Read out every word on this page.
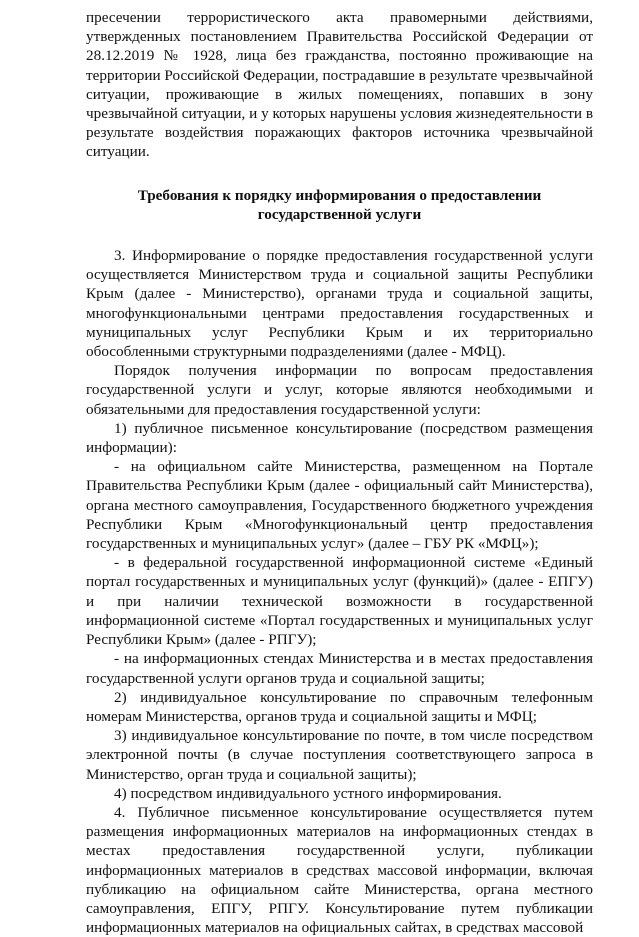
пресечении террористического акта правомерными действиями, утвержденных постановлением Правительства Российской Федерации от 28.12.2019 № 1928, лица без гражданства, постоянно проживающие на территории Российской Федерации, пострадавшие в результате чрезвычайной ситуации, проживающие в жилых помещениях, попавших в зону чрезвычайной ситуации, и у которых нарушены условия жизнедеятельности в результате воздействия поражающих факторов источника чрезвычайной ситуации.

Требования к порядку информирования о предоставлении
государственной услуги

3. Информирование о порядке предоставления государственной услуги осуществляется Министерством труда и социальной защиты Республики Крым (далее - Министерство), органами труда и социальной защиты, многофункциональными центрами предоставления государственных и муниципальных услуг Республики Крым и их территориально обособленными структурными подразделениями (далее - МФЦ).

Порядок получения информации по вопросам предоставления государственной услуги и услуг, которые являются необходимыми и обязательными для предоставления государственной услуги:

1) публичное письменное консультирование (посредством размещения информации):

- на официальном сайте Министерства, размещенном на Портале Правительства Республики Крым (далее - официальный сайт Министерства), органа местного самоуправления, Государственного бюджетного учреждения Республики Крым «Многофункциональный центр предоставления государственных и муниципальных услуг» (далее – ГБУ РК «МФЦ»);

- в федеральной государственной информационной системе «Единый портал государственных и муниципальных услуг (функций)» (далее - ЕПГУ) и при наличии технической возможности в государственной информационной системе «Портал государственных и муниципальных услуг Республики Крым» (далее - РПГУ);

- на информационных стендах Министерства и в местах предоставления государственной услуги органов труда и социальной защиты;

2) индивидуальное консультирование по справочным телефонным номерам Министерства, органов труда и социальной защиты и МФЦ;

3) индивидуальное консультирование по почте, в том числе посредством электронной почты (в случае поступления соответствующего запроса в Министерство, орган труда и социальной защиты);

4) посредством индивидуального устного информирования.

4. Публичное письменное консультирование осуществляется путем размещения информационных материалов на информационных стендах в местах предоставления государственной услуги, публикации информационных материалов в средствах массовой информации, включая публикацию на официальном сайте Министерства, органа местного самоуправления, ЕПГУ, РПГУ. Консультирование путем публикации информационных материалов на официальных сайтах, в средствах массовой
